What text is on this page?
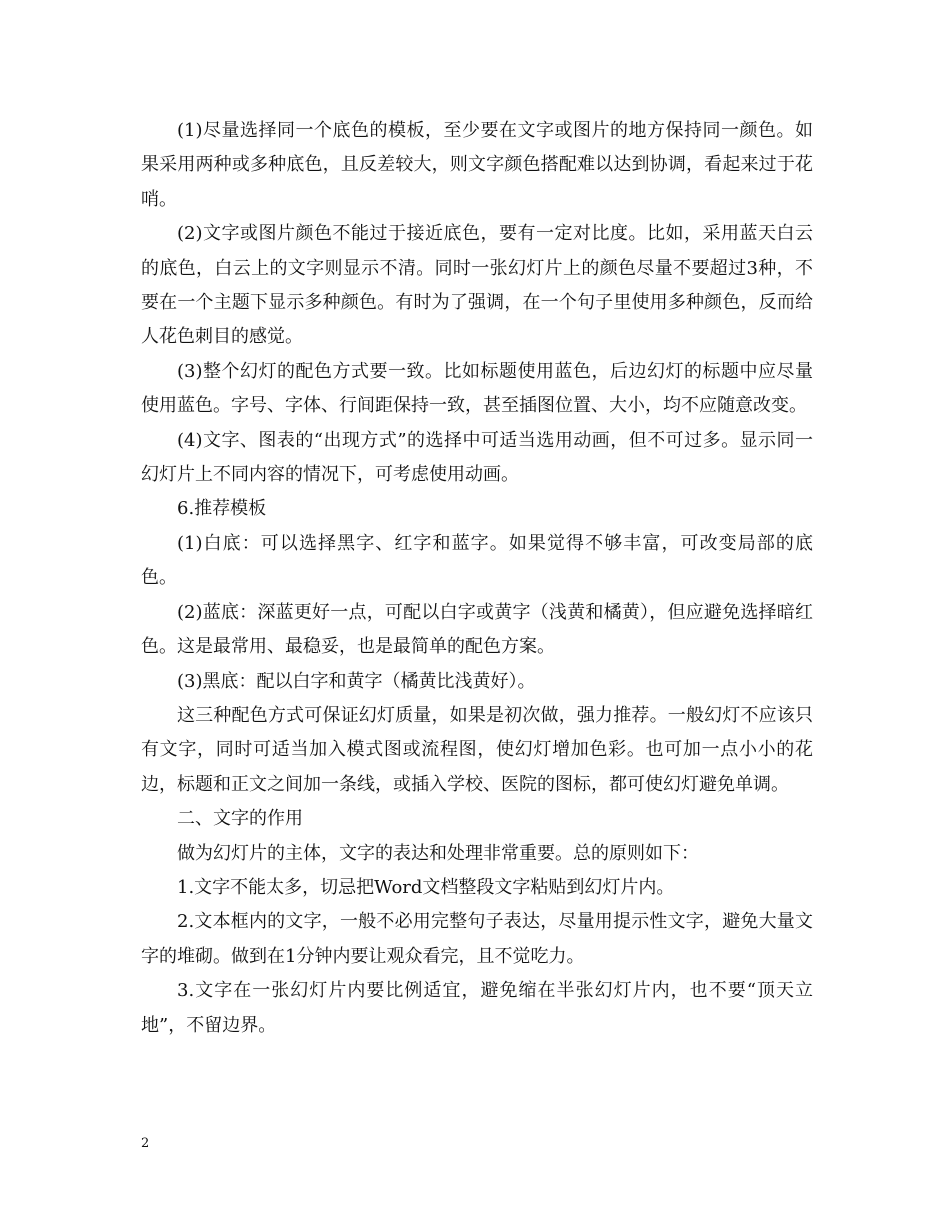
(1)尽量选择同一个底色的模板，至少要在文字或图片的地方保持同一颜色。如果采用两种或多种底色，且反差较大，则文字颜色搭配难以达到协调，看起来过于花哨。

(2)文字或图片颜色不能过于接近底色，要有一定对比度。比如，采用蓝天白云的底色，白云上的文字则显示不清。同时一张幻灯片上的颜色尽量不要超过3种，不要在一个主题下显示多种颜色。有时为了强调，在一个句子里使用多种颜色，反而给人花色刺目的感觉。

(3)整个幻灯的配色方式要一致。比如标题使用蓝色，后边幻灯的标题中应尽量使用蓝色。字号、字体、行间距保持一致，甚至插图位置、大小，均不应随意改变。

(4)文字、图表的“出现方式”的选择中可适当选用动画，但不可过多。显示同一幻灯片上不同内容的情况下，可考虑使用动画。

6.推荐模板

(1)白底：可以选择黑字、红字和蓝字。如果觉得不够丰富，可改变局部的底色。

(2)蓝底：深蓝更好一点，可配以白字或黄字（浅黄和橘黄），但应避免选择暗红色。这是最常用、最稳妥，也是最简单的配色方案。

(3)黑底：配以白字和黄字（橘黄比浅黄好）。

这三种配色方式可保证幻灯质量，如果是初次做，强力推荐。一般幻灯不应该只有文字，同时可适当加入模式图或流程图，使幻灯增加色彩。也可加一点小小的花边，标题和正文之间加一条线，或插入学校、医院的图标，都可使幻灯避免单调。

二、文字的作用

做为幻灯片的主体，文字的表达和处理非常重要。总的原则如下：

1.文字不能太多，切忌把Word文档整段文字粘贴到幻灯片内。

2.文本框内的文字，一般不必用完整句子表达，尽量用提示性文字，避免大量文字的堆砌。做到在1分钟内要让观众看完，且不觉吃力。

3.文字在一张幻灯片内要比例适宜，避免缩在半张幻灯片内，也不要“顶天立地”，不留边界。

2
